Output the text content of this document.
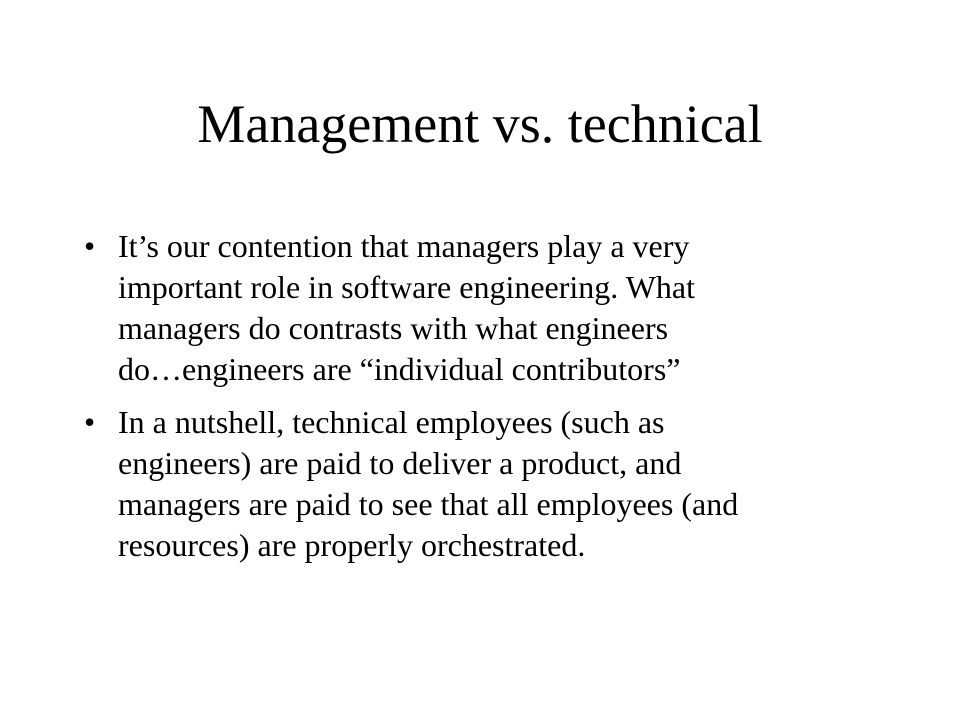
Management vs. technical
• It’s our contention that managers play a very
important role in software engineering. What
managers do contrasts with what engineers
do…engineers are “individual contributors”
• In a nutshell, technical employees (such as
engineers) are paid to deliver a product, and
managers are paid to see that all employees (and
resources) are properly orchestrated.
